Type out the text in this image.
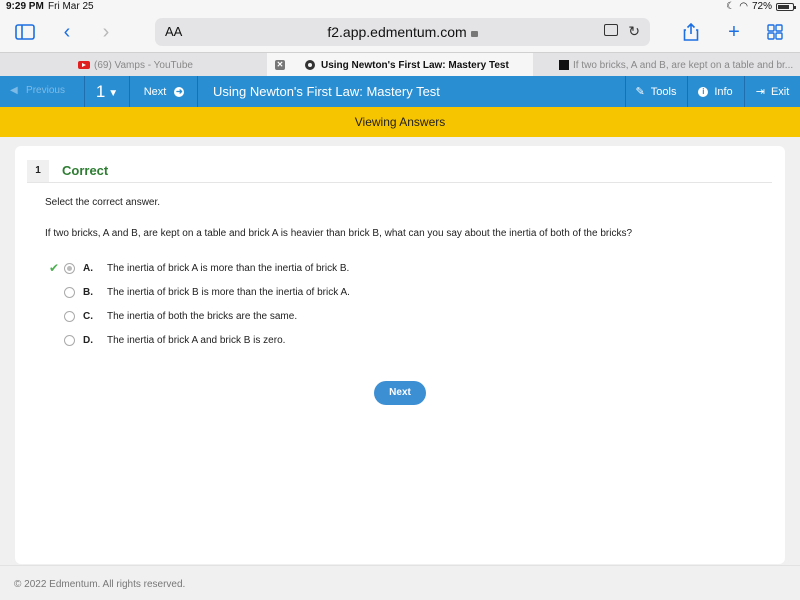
9:29 PM Fri Mar 25	☾ ◠ 72%
‹	›	AA	f2.app.edmentum.com	↻	+
(69) Vamps - YouTube	✕	Using Newton's First Law: Mastery Test	If two bricks, A and B, are kept on a table and br...
◀ Previous 1 ▼ Next ➜ Using Newton's First Law: Mastery Test	✎ Tools	i Info ⇥ Exit
Viewing Answers
1	Correct
Select the correct answer.
If two bricks, A and B, are kept on a table and brick A is heavier than brick B, what can you say about the inertia of both of the bricks?
✔ A. The inertia of brick A is more than the inertia of brick B.
B. The inertia of brick B is more than the inertia of brick A.
C. The inertia of both the bricks are the same.
D. The inertia of brick A and brick B is zero.
Next
© 2022 Edmentum. All rights reserved.
